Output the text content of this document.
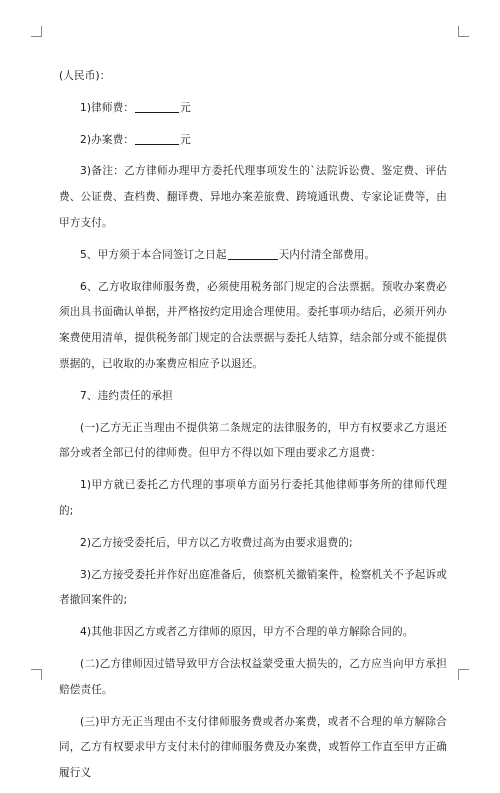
(人民币)：

1)律师费：	元

2)办案费：	元

3)备注：乙方律师办理甲方委托代理事项发生的`法院诉讼费、鉴定费、评估费、公证费、查档费、翻译费、异地办案差旅费、跨境通讯费、专家论证费等，由甲方支付。

5、甲方须于本合同签订之日起	天内付清全部费用。

6、乙方收取律师服务费，必须使用税务部门规定的合法票据。预收办案费必须出具书面确认单据，并严格按约定用途合理使用。委托事项办结后，必须开列办案费使用清单，提供税务部门规定的合法票据与委托人结算，结余部分或不能提供票据的，已收取的办案费应相应予以退还。

7、违约责任的承担

(一)乙方无正当理由不提供第二条规定的法律服务的，甲方有权要求乙方退还部分或者全部已付的律师费。但甲方不得以如下理由要求乙方退费：

1)甲方就已委托乙方代理的事项单方面另行委托其他律师事务所的律师代理的;

2)乙方接受委托后，甲方以乙方收费过高为由要求退费的;

3)乙方接受委托并作好出庭准备后，侦察机关撤销案件，检察机关不予起诉或者撤回案件的;

4)其他非因乙方或者乙方律师的原因，甲方不合理的单方解除合同的。

(二)乙方律师因过错导致甲方合法权益蒙受重大损失的，乙方应当向甲方承担赔偿责任。

(三)甲方无正当理由不支付律师服务费或者办案费，或者不合理的单方解除合同，乙方有权要求甲方支付未付的律师服务费及办案费，或暂停工作直至甲方正确履行义
